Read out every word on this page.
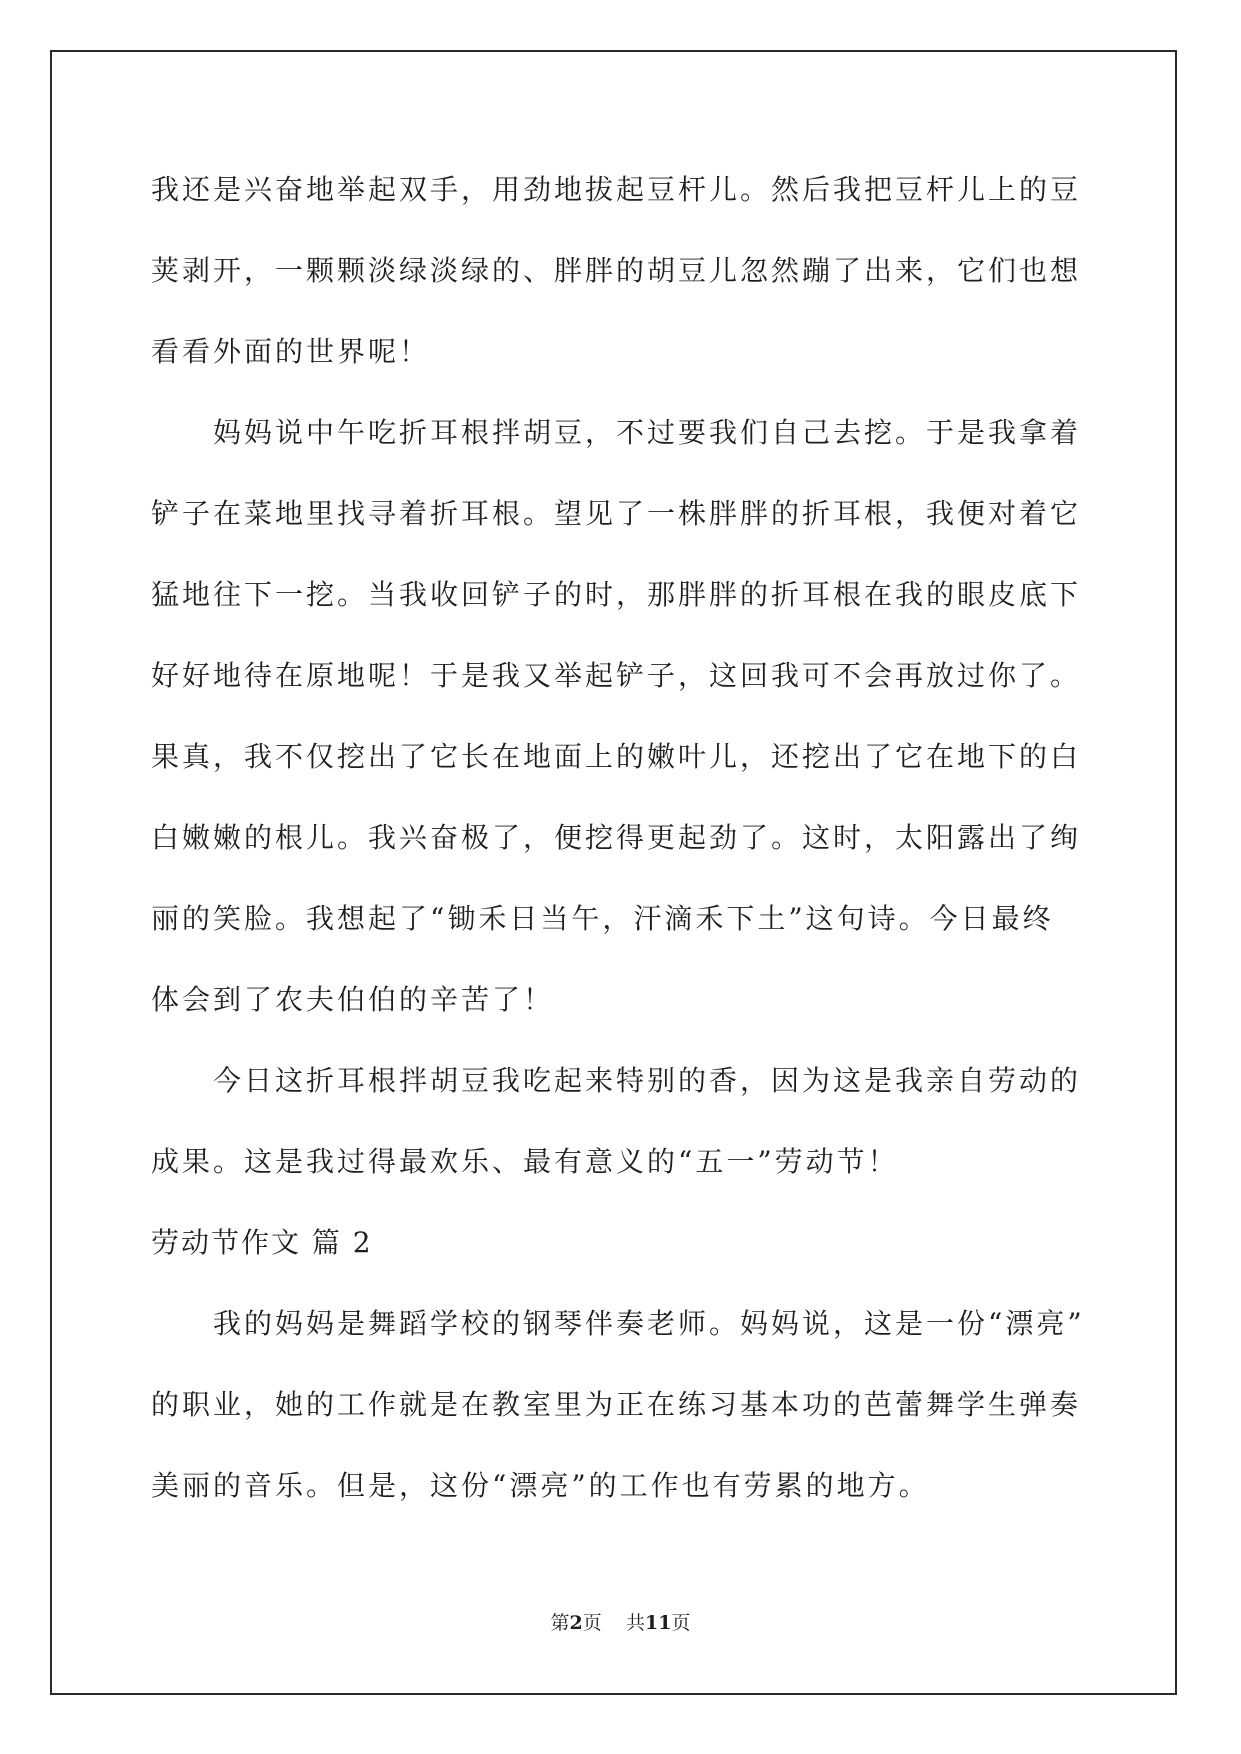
我还是兴奋地举起双手，用劲地拔起豆杆儿。然后我把豆杆儿上的豆
荚剥开，一颗颗淡绿淡绿的、胖胖的胡豆儿忽然蹦了出来，它们也想
看看外面的世界呢！
妈妈说中午吃折耳根拌胡豆，不过要我们自己去挖。于是我拿着
铲子在菜地里找寻着折耳根。望见了一株胖胖的折耳根，我便对着它
猛地往下一挖。当我收回铲子的时，那胖胖的折耳根在我的眼皮底下
好好地待在原地呢！于是我又举起铲子，这回我可不会再放过你了。
果真，我不仅挖出了它长在地面上的嫩叶儿，还挖出了它在地下的白
白嫩嫩的根儿。我兴奋极了，便挖得更起劲了。这时，太阳露出了绚
丽的笑脸。我想起了“锄禾日当午，汗滴禾下土”这句诗。今日最终
体会到了农夫伯伯的辛苦了！
今日这折耳根拌胡豆我吃起来特别的香，因为这是我亲自劳动的
成果。这是我过得最欢乐、最有意义的“五一”劳动节！
劳动节作文 篇 2
我的妈妈是舞蹈学校的钢琴伴奏老师。妈妈说，这是一份“漂亮”
的职业，她的工作就是在教室里为正在练习基本功的芭蕾舞学生弹奏
美丽的音乐。但是，这份“漂亮”的工作也有劳累的地方。
第2页 共11页
